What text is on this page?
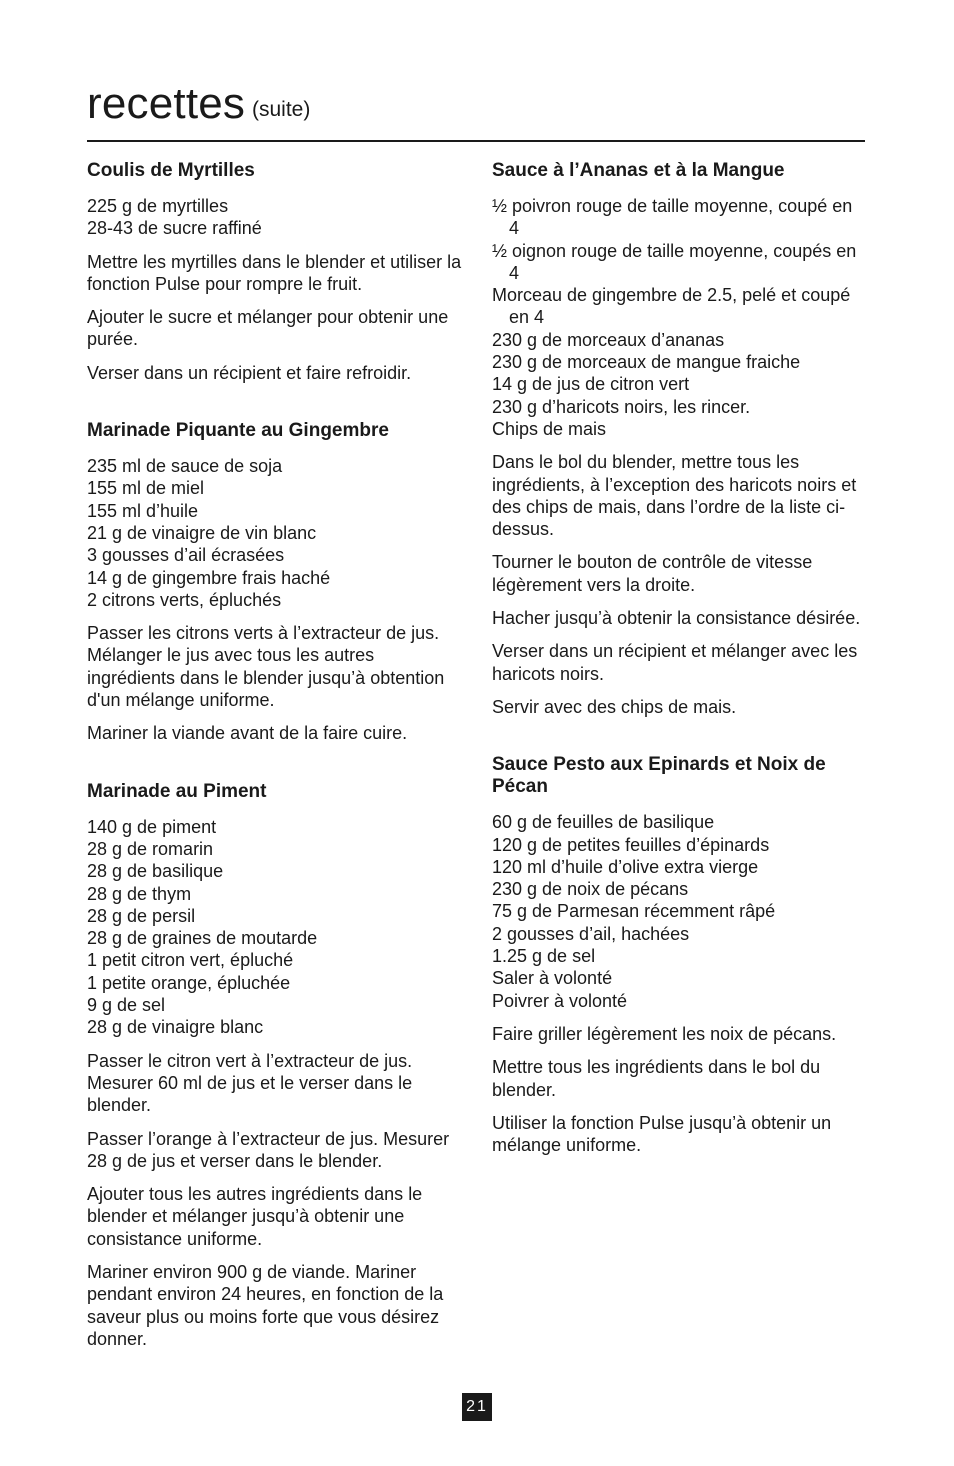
recettes (suite)
Coulis de Myrtilles
225 g de myrtilles
28-43 de sucre raffiné

Mettre les myrtilles dans le blender et utiliser la fonction Pulse pour rompre le fruit.

Ajouter le sucre et mélanger pour obtenir une purée.

Verser dans un récipient et faire refroidir.

Marinade Piquante au Gingembre
235 ml de sauce de soja
155 ml de miel
155 ml d’huile
21 g de vinaigre de vin blanc
3 gousses d’ail écrasées
14 g de gingembre frais haché
2 citrons verts, épluchés

Passer les citrons verts à l’extracteur de jus. Mélanger le jus avec tous les autres ingrédients dans le blender jusqu’à obtention d'un mélange uniforme.

Mariner la viande avant de la faire cuire.

Marinade au Piment
140 g de piment
28 g de romarin
28 g de basilique
28 g de thym
28 g de persil
28 g de graines de moutarde
1 petit citron vert, épluché
1 petite orange, épluchée
9 g de sel
28 g de vinaigre blanc

Passer le citron vert à l’extracteur de jus. Mesurer 60 ml de jus et le verser dans le blender.

Passer l’orange à l’extracteur de jus. Mesurer 28 g de jus et verser dans le blender.

Ajouter tous les autres ingrédients dans le blender et mélanger jusqu’à obtenir une consistance uniforme.

Mariner environ 900 g de viande. Mariner pendant environ 24 heures, en fonction de la saveur plus ou moins forte que vous désirez donner.

Sauce à l’Ananas et à la Mangue
½ poivron rouge de taille moyenne, coupé en 4
½ oignon rouge de taille moyenne, coupés en 4
Morceau de gingembre de 2.5, pelé et coupé en 4
230 g de morceaux d’ananas
230 g de morceaux de mangue fraiche
14 g de jus de citron vert
230 g d’haricots noirs, les rincer.
Chips de mais

Dans le bol du blender, mettre tous les ingrédients, à l’exception des haricots noirs et des chips de mais, dans l’ordre de la liste ci-dessus.

Tourner le bouton de contrôle de vitesse légèrement vers la droite.

Hacher jusqu’à obtenir la consistance désirée.

Verser dans un récipient et mélanger avec les haricots noirs.

Servir avec des chips de mais.

Sauce Pesto aux Epinards et Noix de Pécan
60 g de feuilles de basilique
120 g de petites feuilles d’épinards
120 ml d’huile d’olive extra vierge
230 g de noix de pécans
75 g de Parmesan récemment râpé
2 gousses d’ail, hachées
1.25 g de sel
Saler à volonté
Poivrer à volonté

Faire griller légèrement les noix de pécans.

Mettre tous les ingrédients dans le bol du blender.

Utiliser la fonction Pulse jusqu’à obtenir un mélange uniforme.

21
